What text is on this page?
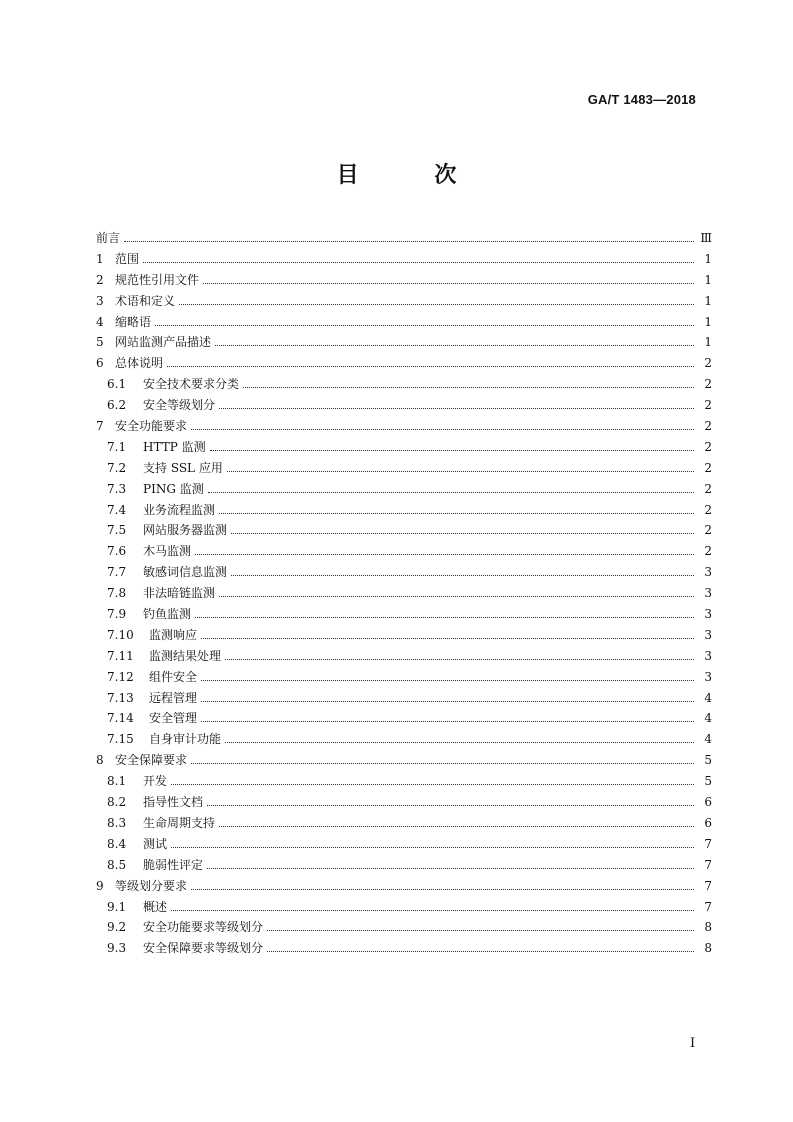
GA/T 1483—2018
目 次
前言	Ⅲ
1 范围	1
2 规范性引用文件	1
3 术语和定义	1
4 缩略语	1
5 网站监测产品描述	1
6 总体说明	2
6.1	安全技术要求分类	2
6.2	安全等级划分	2
7 安全功能要求	2
7.1	HTTP 监测	2
7.2	支持 SSL 应用	2
7.3	PING 监测	2
7.4	业务流程监测	2
7.5	网站服务器监测	2
7.6	木马监测	2
7.7	敏感词信息监测	3
7.8	非法暗链监测	3
7.9	钓鱼监测	3
7.10	监测响应	3
7.11	监测结果处理	3
7.12	组件安全	3
7.13	远程管理	4
7.14	安全管理	4
7.15	自身审计功能	4
8 安全保障要求	5
8.1	开发	5
8.2	指导性文档	6
8.3	生命周期支持	6
8.4	测试	7
8.5	脆弱性评定	7
9 等级划分要求	7
9.1	概述	7
9.2	安全功能要求等级划分	8
9.3	安全保障要求等级划分	8
I
